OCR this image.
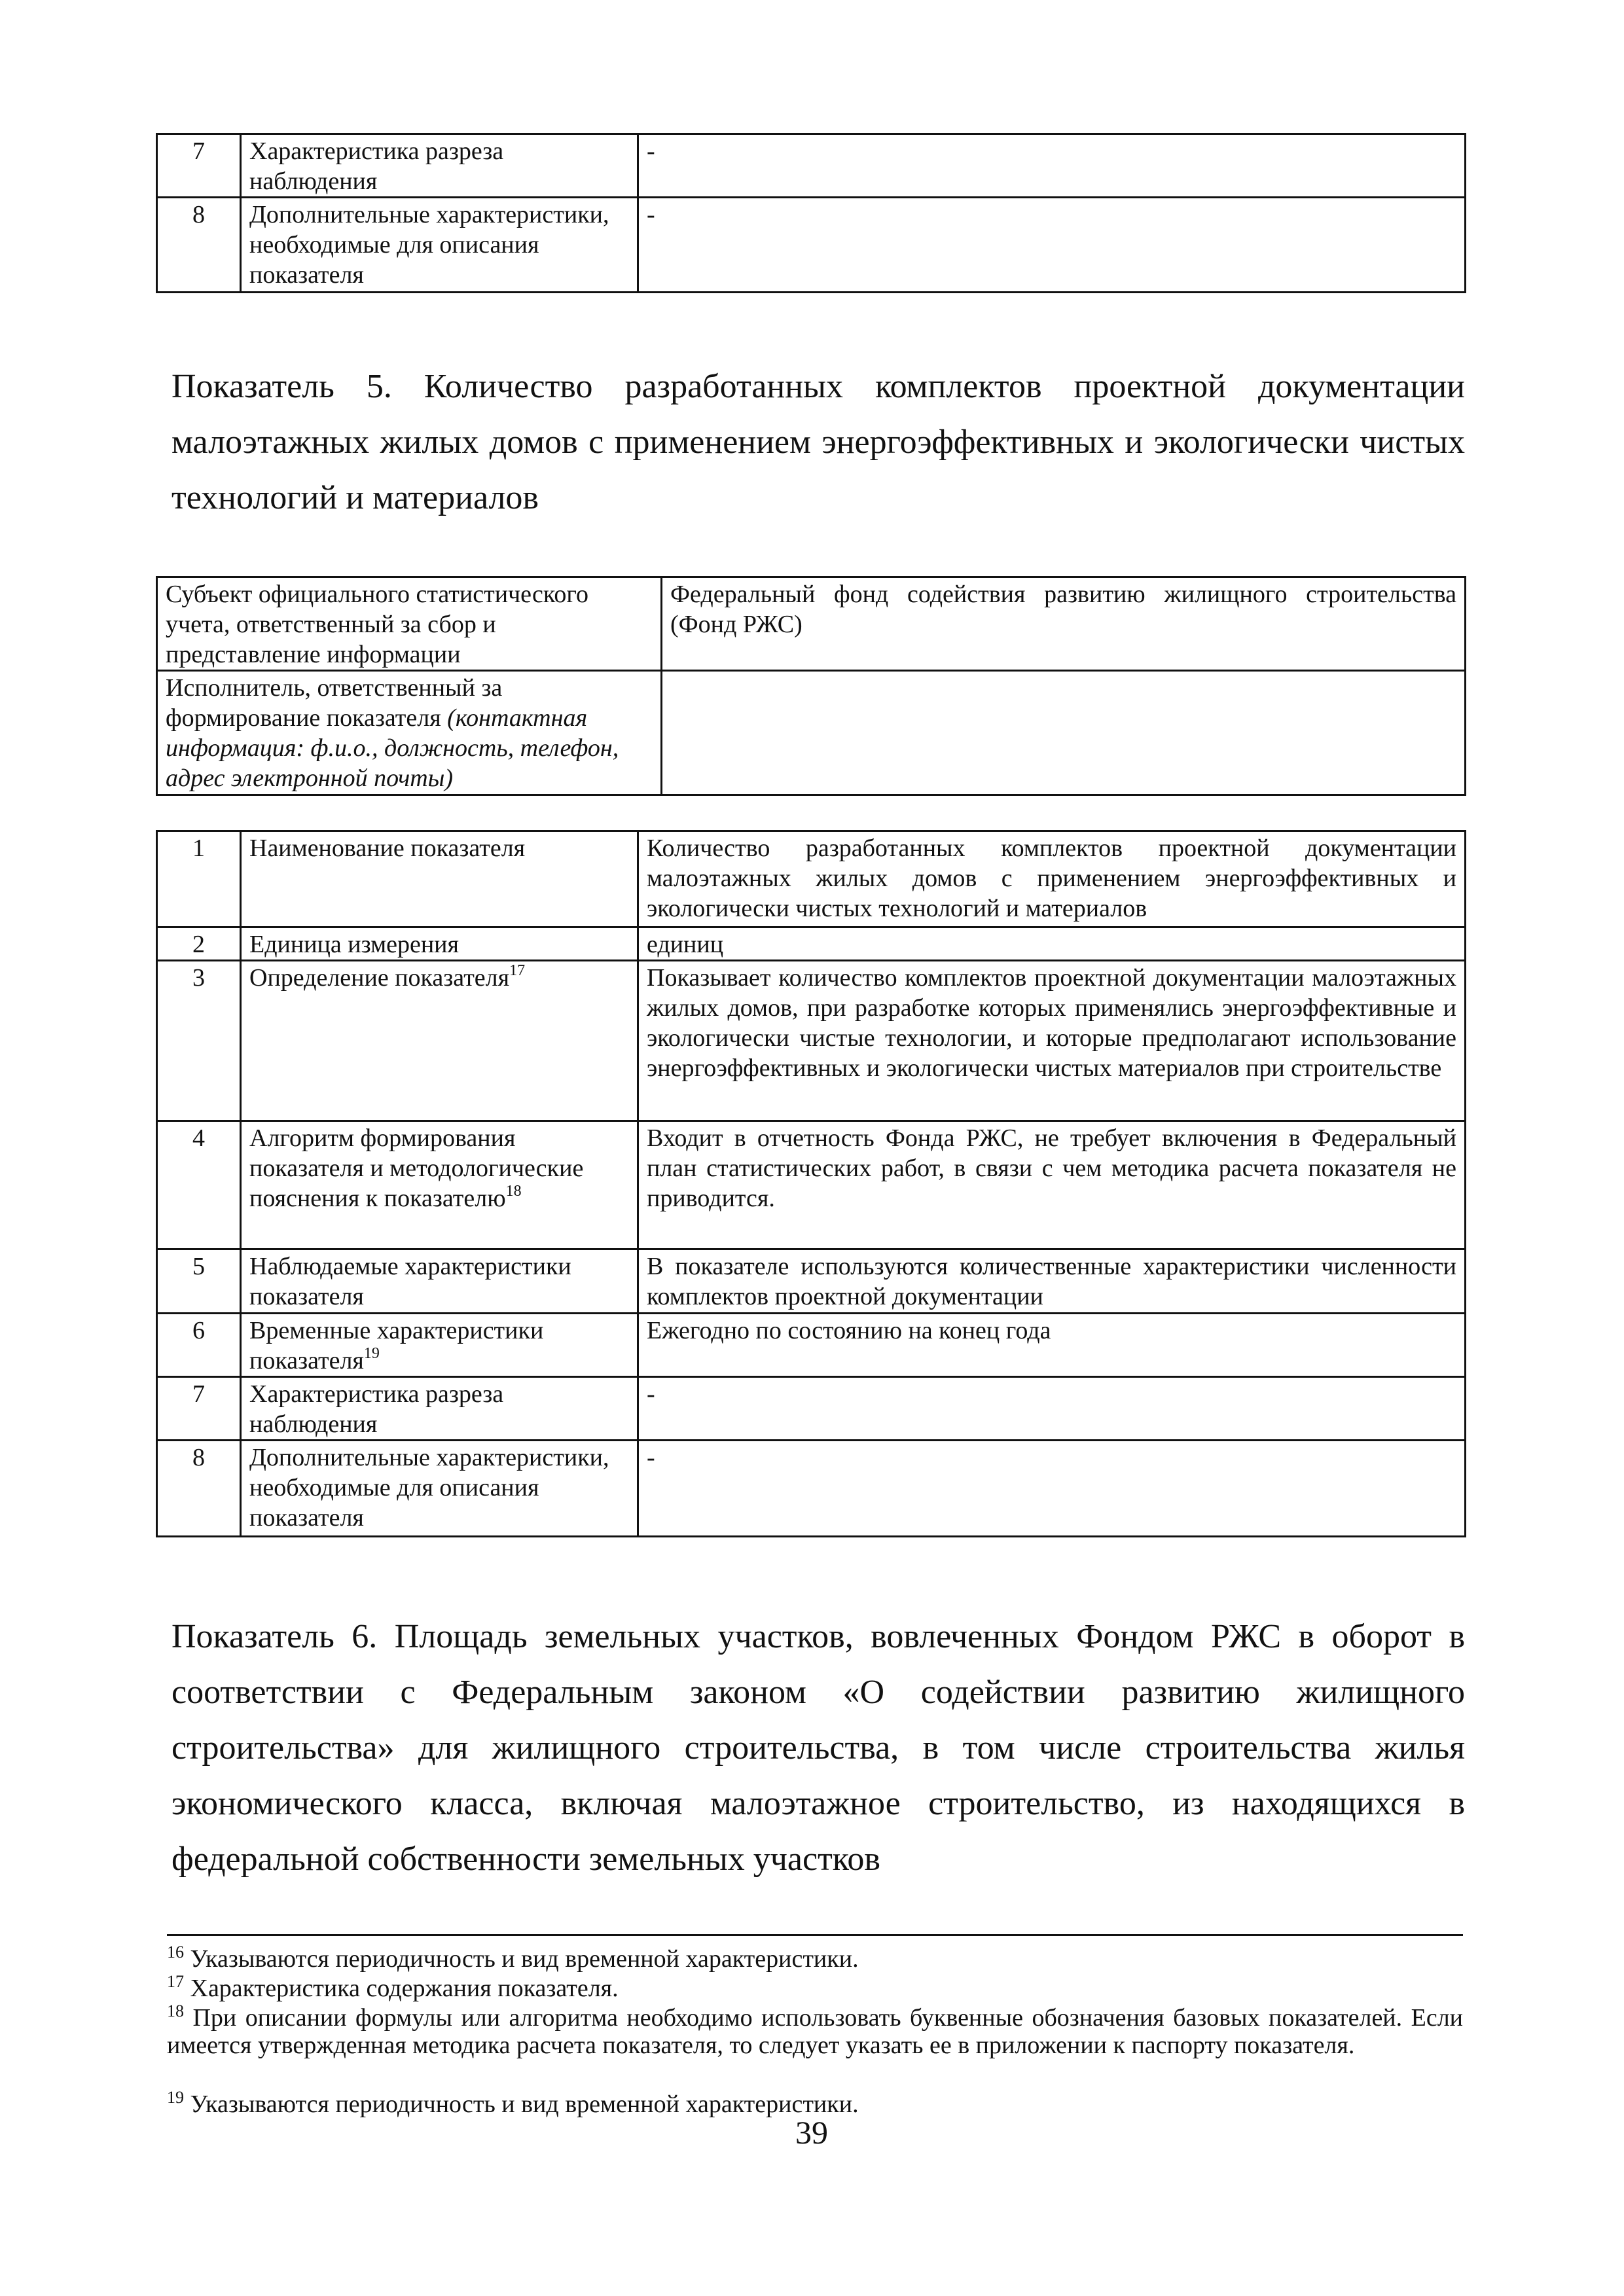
7	Характеристика разреза наблюдения	-
8	Дополнительные характеристики, необходимые для описания показателя	-

Показатель 5. Количество разработанных комплектов проектной документации малоэтажных жилых домов с применением энергоэффективных и экологически чистых технологий и материалов

Субъект официального статистического учета, ответственный за сбор и представление информации	Федеральный фонд содействия развитию жилищного строительства (Фонд РЖС)
Исполнитель, ответственный за формирование показателя (контактная информация: ф.и.о., должность, телефон, адрес электронной почты)	
1	Наименование показателя	Количество разработанных комплектов проектной документации малоэтажных жилых домов с применением энергоэффективных и экологически чистых технологий и материалов
2	Единица измерения	единиц
3	Определение показателя$^{17}$	Показывает количество комплектов проектной документации малоэтажных жилых домов, при разработке которых применялись энергоэффективные и экологически чистые технологии, и которые предполагают использование энергоэффективных и экологически чистых материалов при строительстве
4	Алгоритм формирования показателя и методологические пояснения к показателю$^{18}$	Входит в отчетность Фонда РЖС, не требует включения в Федеральный план статистических работ, в связи с чем методика расчета показателя не приводится.
5	Наблюдаемые характеристики показателя	В показателе используются количественные характеристики численности комплектов проектной документации
6	Временные характеристики показателя$^{19}$	Ежегодно по состоянию на конец года
7	Характеристика разреза наблюдения	-
8	Дополнительные характеристики, необходимые для описания показателя	-

Показатель 6. Площадь земельных участков, вовлеченных Фондом РЖС в оборот в соответствии с Федеральным законом «О содействии развитию жилищного строительства» для жилищного строительства, в том числе строительства жилья экономического класса, включая малоэтажное строительство, из находящихся в федеральной собственности земельных участков

$^{16}$ Указываются периодичность и вид временной характеристики.

$^{17}$ Характеристика содержания показателя.

$^{18}$ При описании формулы или алгоритма необходимо использовать буквенные обозначения базовых показателей. Если имеется утвержденная методика расчета показателя, то следует указать ее в приложении к паспорту показателя.

$^{19}$ Указываются периодичность и вид временной характеристики.

39
